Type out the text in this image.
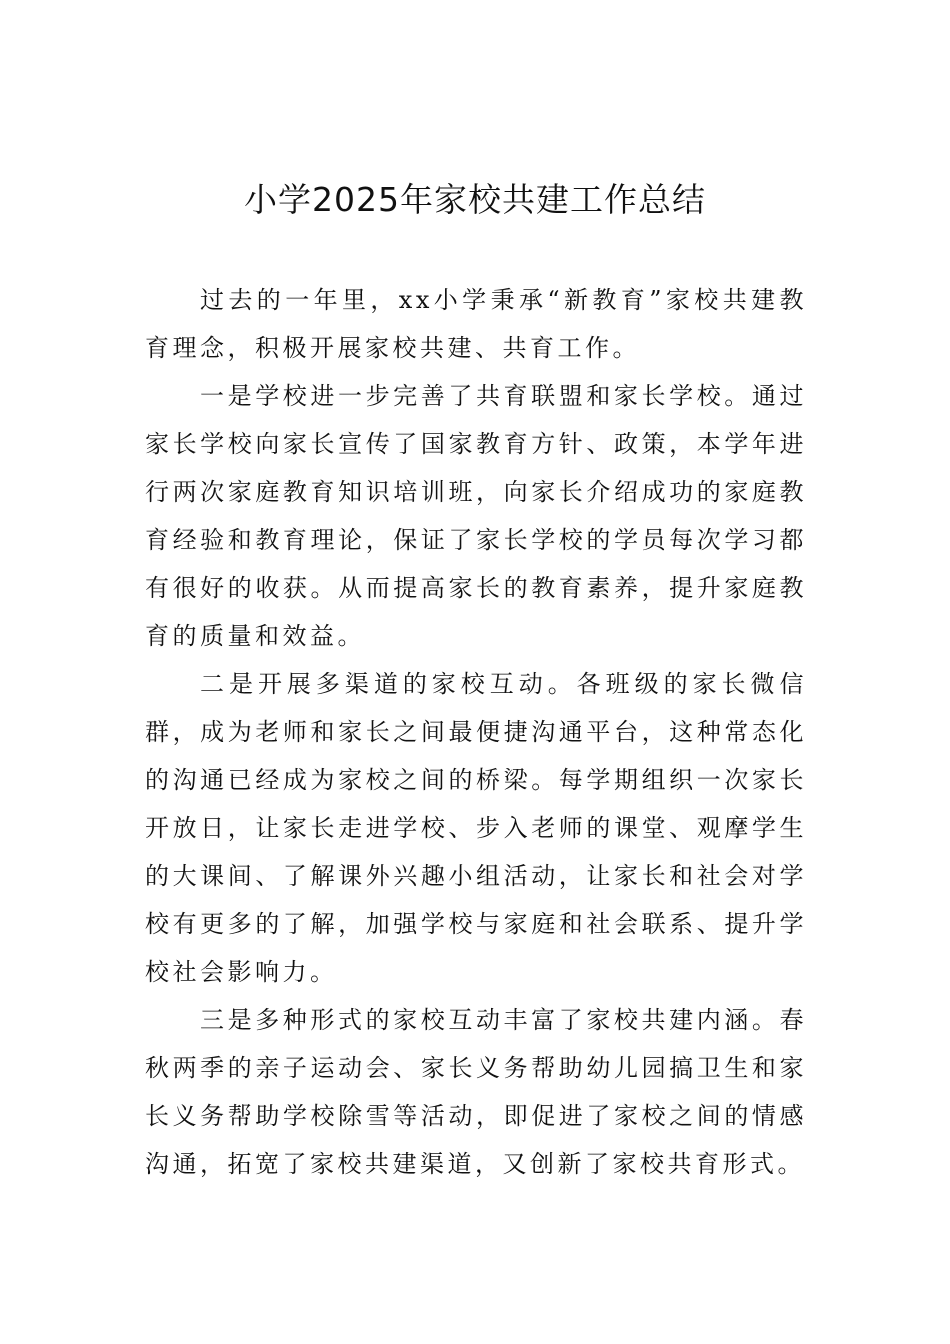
小学2025年家校共建工作总结

过去的一年里，xx小学秉承“新教育”家校共建教育理念，积极开展家校共建、共育工作。

一是学校进一步完善了共育联盟和家长学校。通过家长学校向家长宣传了国家教育方针、政策，本学年进行两次家庭教育知识培训班，向家长介绍成功的家庭教育经验和教育理论，保证了家长学校的学员每次学习都有很好的收获。从而提高家长的教育素养，提升家庭教育的质量和效益。

二是开展多渠道的家校互动。各班级的家长微信群，成为老师和家长之间最便捷沟通平台，这种常态化的沟通已经成为家校之间的桥梁。每学期组织一次家长开放日，让家长走进学校、步入老师的课堂、观摩学生的大课间、了解课外兴趣小组活动，让家长和社会对学校有更多的了解，加强学校与家庭和社会联系、提升学校社会影响力。

三是多种形式的家校互动丰富了家校共建内涵。春秋两季的亲子运动会、家长义务帮助幼儿园搞卫生和家长义务帮助学校除雪等活动，即促进了家校之间的情感沟通，拓宽了家校共建渠道，又创新了家校共育形式。
